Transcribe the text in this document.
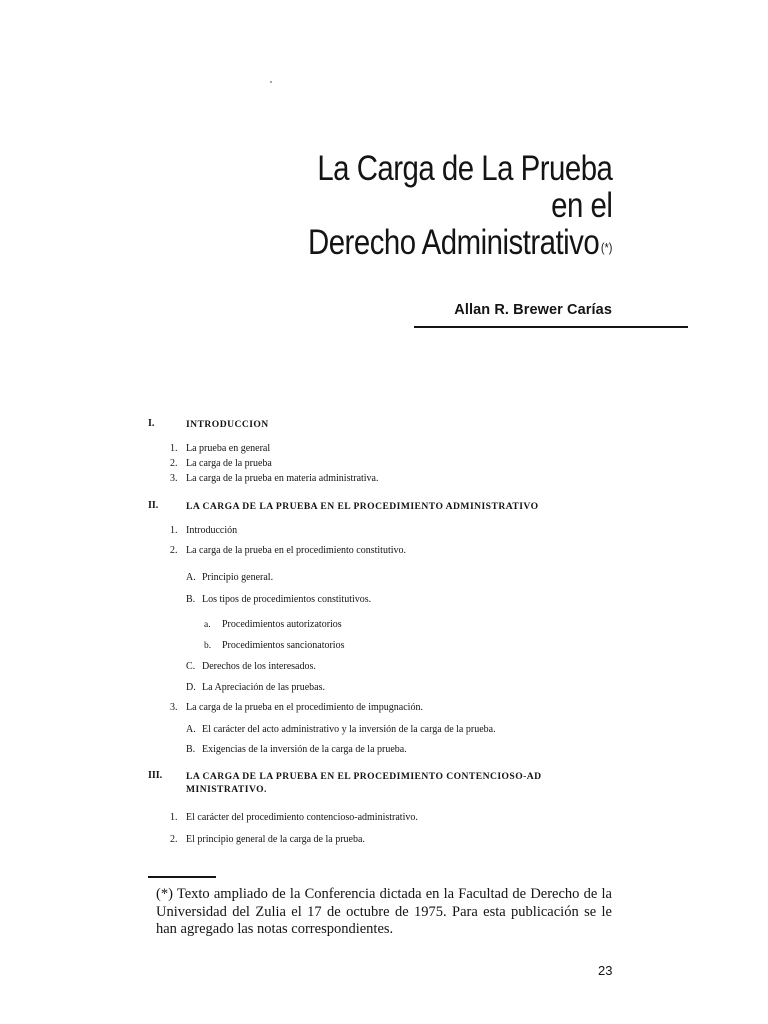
La Carga de La Prueba
en el
Derecho Administrativo (*)
Allan R. Brewer Carías
I.	INTRODUCCION
1. La prueba en general
2. La carga de la prueba
3. La carga de la prueba en materia administrativa.
II.	LA CARGA DE LA PRUEBA EN EL PROCEDIMIENTO ADMINISTRATIVO
1. Introducción
2. La carga de la prueba en el procedimiento constitutivo.
A. Principio general.
B. Los tipos de procedimientos constitutivos.
a. Procedimientos autorizatorios
b. Procedimientos sancionatorios
C. Derechos de los interesados.
D. La Apreciación de las pruebas.
3. La carga de la prueba en el procedimiento de impugnación.
A. El carácter del acto administrativo y la inversión de la carga de la prueba.
B. Exigencias de la inversión de la carga de la prueba.
III. LA CARGA DE LA PRUEBA EN EL PROCEDIMIENTO CONTENCIOSO-AD MINISTRATIVO.
1. El carácter del procedimiento contencioso-administrativo.
2. El principio general de la carga de la prueba.
(*) Texto ampliado de la Conferencia dictada en la Facultad de Derecho de la Universidad del Zulia el 17 de octubre de 1975. Para esta publicación se le han agregado las notas correspondientes.
23
